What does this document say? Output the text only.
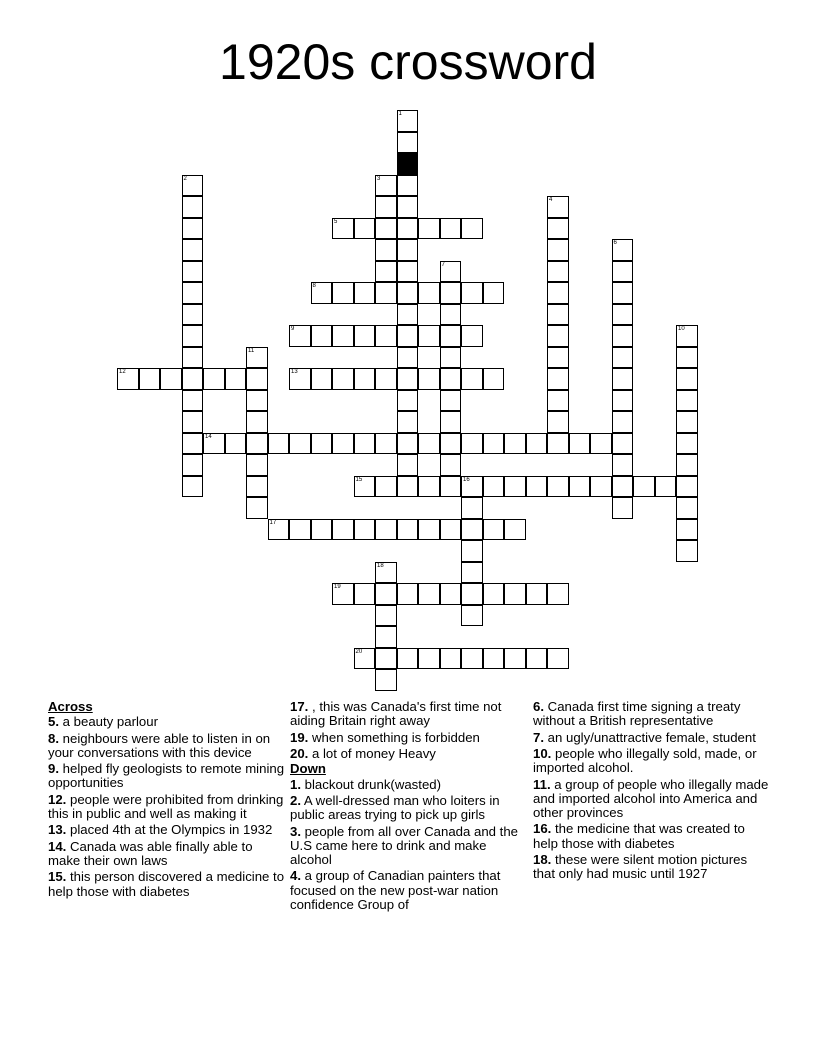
1920s crossword
1
2	3
4
5
6
7
8
9	10
11
12	13
14
15	16
17
18
19
20
Across
5. a beauty parlour
8. neighbours were able to listen in on your conversations with this device
9. helped fly geologists to remote mining opportunities
12. people were prohibited from drinking this in public and well as making it
13. placed 4th at the Olympics in 1932
14. Canada was able finally able to make their own laws
15. this person discovered a medicine to help those with diabetes
17. , this was Canada's first time not aiding Britain right away
19. when something is forbidden
20. a lot of money Heavy
Down
1. blackout drunk(wasted)
2. A well-dressed man who loiters in public areas trying to pick up girls
3. people from all over Canada and the U.S came here to drink and make alcohol
4. a group of Canadian painters that focused on the new post-war nation confidence Group of
6. Canada first time signing a treaty without a British representative
7. an ugly/unattractive female, student
10. people who illegally sold, made, or imported alcohol.
11. a group of people who illegally made and imported alcohol into America and other provinces
16. the medicine that was created to help those with diabetes
18. these were silent motion pictures that only had music until 1927
